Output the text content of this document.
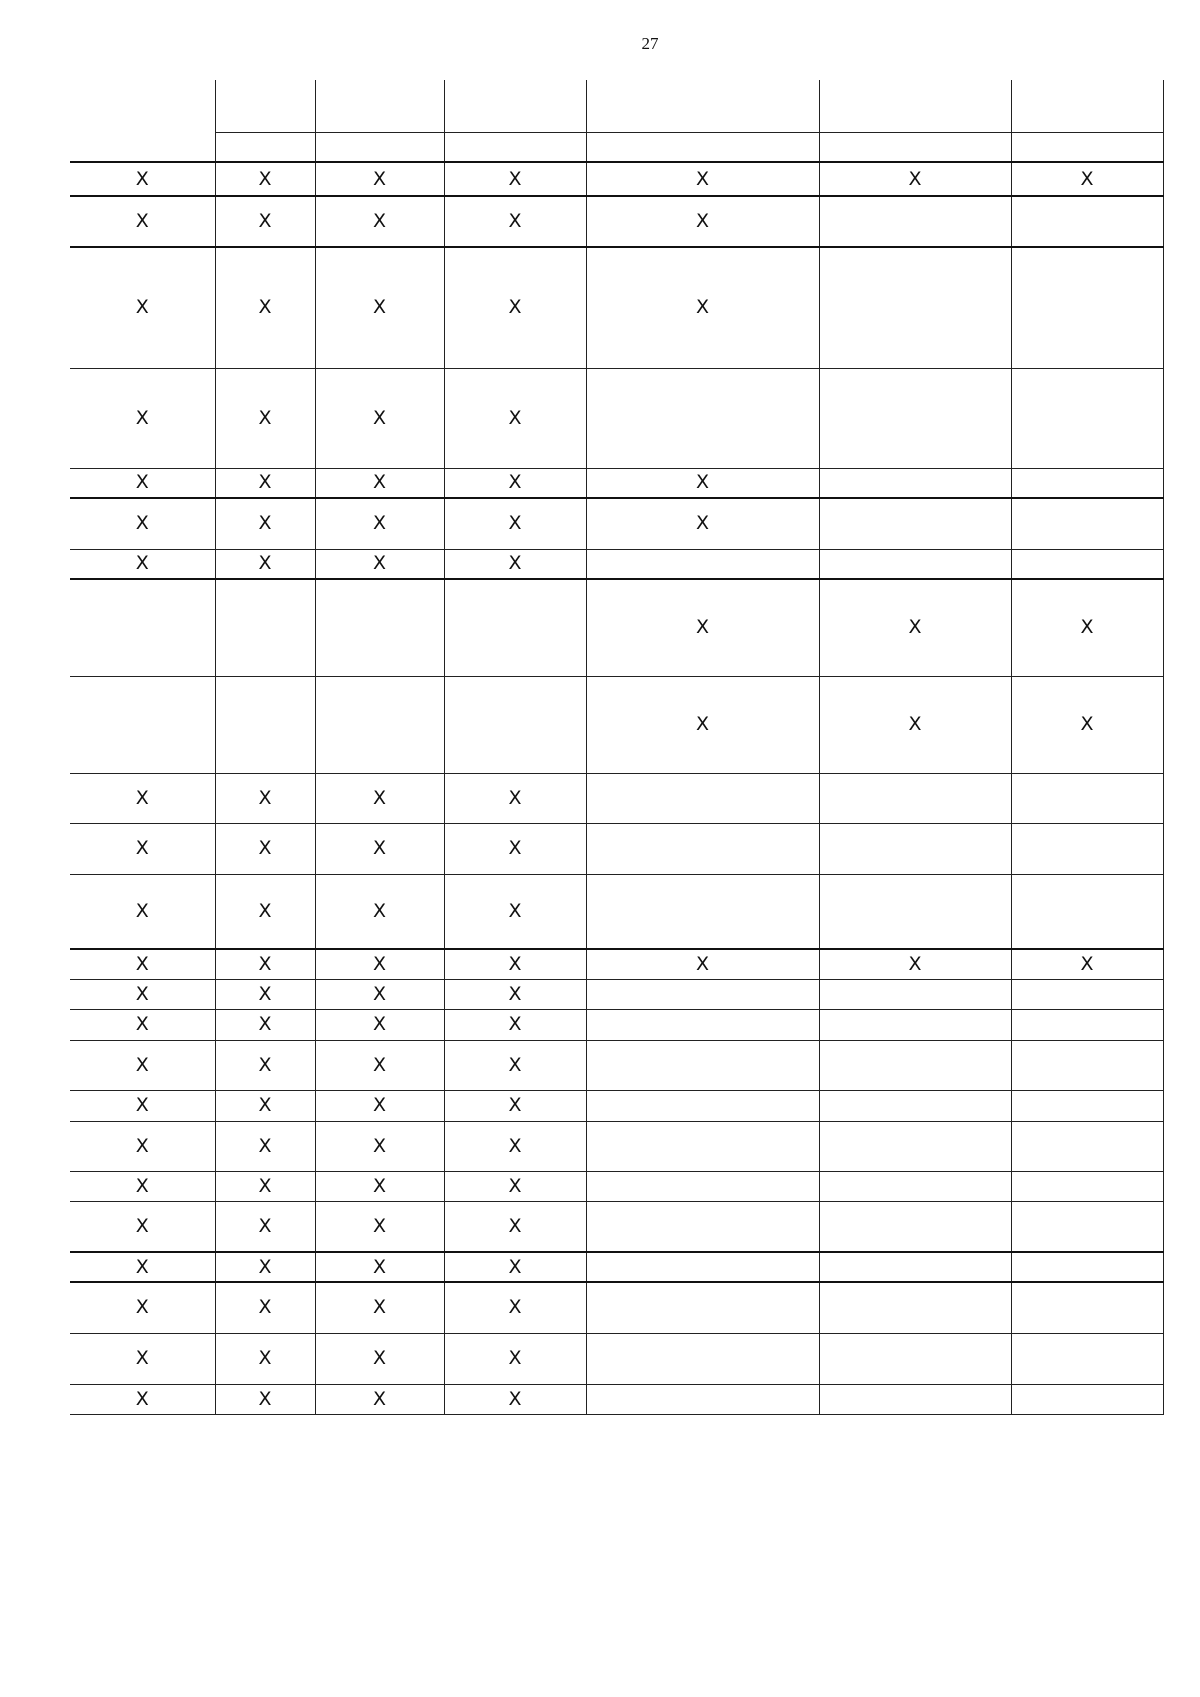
27

X	X	X	X	X	X	X
X	X	X	X	X		
X	X	X	X	X		
X	X	X	X			
X	X	X	X	X		
X	X	X	X	X		
X	X	X	X			
				X	X	X
				X	X	X
X	X	X	X			
X	X	X	X			
X	X	X	X			
X	X	X	X	X	X	X
X	X	X	X			
X	X	X	X			
X	X	X	X			
X	X	X	X			
X	X	X	X			
X	X	X	X			
X	X	X	X			
X	X	X	X			
X	X	X	X			
X	X	X	X			
X	X	X	X			
